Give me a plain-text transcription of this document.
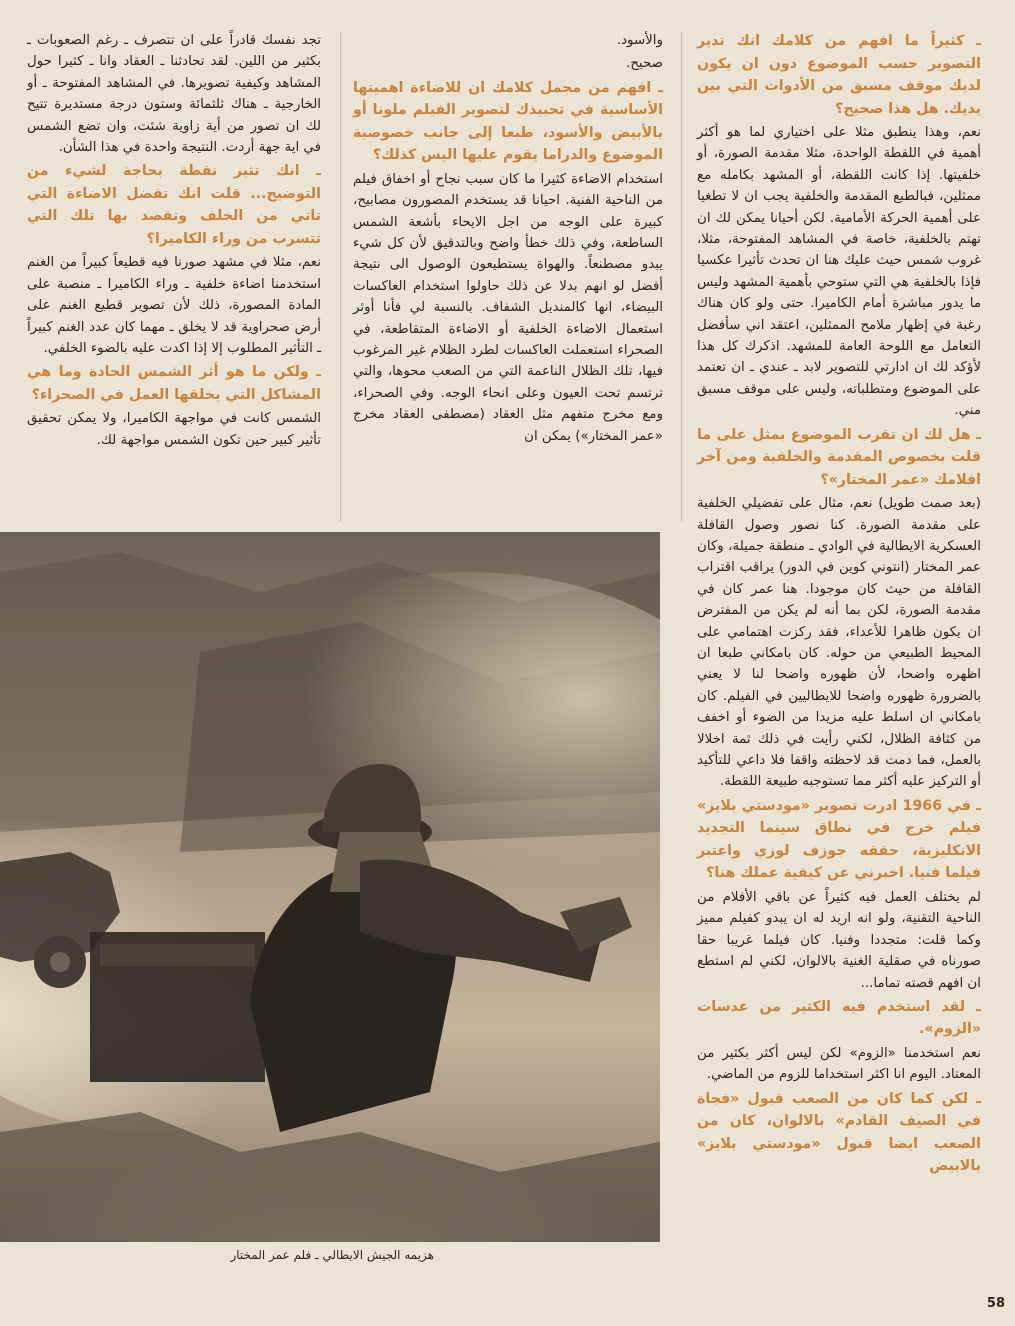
ـ كثيراً ما افهم من كلامك انك تدير التصوير حسب الموضوع دون ان يكون لديك موقف مسبق من الأدوات التي بين يديك. هل هذا صحيح؟

نعم، وهذا ينطبق مثلا على اختياري لما هو أكثر أهمية في اللقطة الواحدة، مثلا مقدمة الصورة، أو خلفيتها. إذا كانت اللقطة، أو المشهد بكامله مع ممثلين، فبالطبع المقدمة والخلفية يجب ان لا تطغيا على أهمية الحركة الأمامية. لكن أحيانا يمكن لك ان تهتم بالخلفية، خاصة في المشاهد المفتوحة، مثلا، غروب شمس حيث عليك هنا ان تحدث تأثيرا عكسيا فإذا بالخلفية هي التي ستوحي بأهمية المشهد وليس ما يدور مباشرة أمام الكاميرا. حتى ولو كان هناك رغبة في إظهار ملامح الممثلين، اعتقد اني سأفضل التعامل مع اللوحة العامة للمشهد. اذكرك كل هذا لأؤكد لك ان ادارتي للتصوير لابد ـ عندي ـ ان تعتمد على الموضوع ومتطلباته، وليس على موقف مسبق مني.

ـ هل لك ان تقرب الموضوع بمثل على ما قلت بخصوص المقدمة والخلفية ومن آخر افلامك «عمر المختار»؟

(بعد صمت طويل) نعم، مثال على تفضيلي الخلفية على مقدمة الصورة. كنا نصور وصول القافلة العسكرية الايطالية في الوادي ـ منطقة جميلة، وكان عمر المختار (انتوني كوين في الدور) يراقب اقتراب القافلة من حيث كان موجودا. هنا عمر كان في مقدمة الصورة، لكن بما أنه لم يكن من المفترض ان يكون ظاهرا للأعداء، فقد ركزت اهتمامي على المحيط الطبيعي من حوله. كان بامكاني طبعا ان اظهره واضحا، لأن ظهوره واضحا لنا لا يعني بالضرورة ظهوره واضحا للايطاليين في الفيلم. كان بامكاني ان اسلط عليه مزيدا من الضوء أو اخفف من كثافة الظلال، لكني رأيت في ذلك ثمة اخلالا بالعمل، فما دمت قد لاحظته واقفا فلا داعي للتأكيد أو التركيز عليه أكثر مما تستوجبه طبيعة اللقطة.

ـ في 1966 ادرت تصوير «مودستي بلايز» فيلم خرج في نطاق سينما التجديد الانكليزية، حققه جوزف لوزي واعتبر فيلما فنيا. اخبرني عن كيفية عملك هنا؟

لم يختلف العمل فيه كثيراً عن باقي الأفلام من الناحية التقنية، ولو انه اريد له ان يبدو كفيلم مميز وكما قلت: متجددا وفنيا. كان فيلما غريبا حقا صورناه في صقلية الغنية بالالوان، لكني لم استطع ان افهم قصته تماما...

ـ لقد استخدم فيه الكثير من عدسات «الزوم».

نعم استخدمنا «الزوم» لكن ليس أكثر بكثير من المعتاد. اليوم انا اكثر استخداما للزوم من الماضي.

ـ لكن كما كان من الصعب قبول «فجاة في الصيف القادم» بالالوان، كان من الصعب ايضا قبول «مودستي بلايز» بالابيض

والأسود.

صحيح.

ـ افهم من مجمل كلامك ان للاضاءة اهميتها الأساسية في تحبيذك لتصوير الفيلم ملونا أو بالأبيض والأسود، طبعا إلى جانب خصوصية الموضوع والدراما يقوم عليها اليس كذلك؟

استخدام الاضاءة كثيرا ما كان سبب نجاح أو اخفاق فيلم من الناحية الفنية. احيانا قد يستخدم المصورون مصابيح، كبيرة على الوجه من اجل الايحاء بأشعة الشمس الساطعة، وفي ذلك خطأ واضح وبالتدقيق لأن كل شيء يبدو مصطنعاً. والهواة يستطيعون الوصول الى نتيجة أفضل لو انهم بدلا عن ذلك حاولوا استخدام العاكسات البيضاء، انها كالمنديل الشفاف. بالنسبة لي فأنا أوثر استعمال الاضاءة الخلفية أو الاضاءة المتقاطعة، في الصحراء استعملت العاكسات لطرد الظلام غير المرغوب فيها، تلك الظلال الناعمة التي من الصعب محوها، والتي ترتسم تحت العيون وعلى انحاء الوجه. وفي الصحراء، ومع مخرج متفهم مثل العقاد (مصطفى العقاد مخرج «عمر المختار») يمكن ان

تجد نفسك قادراً على ان تتصرف ـ رغم الصعوبات ـ بكثير من اللين. لقد تحادثنا ـ العقاد وانا ـ كثيرا حول المشاهد وكيفية تصويرها. في المشاهد المفتوحة ـ أو الخارجية ـ هناك ثلثمائة وستون درجة مستديرة تتيح لك ان تصور من أية زاوية شئت، وان تضع الشمس في اية جهة أردت. النتيجة واحدة في هذا الشأن.

ـ انك تثير نقطة بحاجة لشيء من التوضيح... قلت انك تفضل الاضاءة التي تاتي من الخلف وتقصد بها تلك التي تتسرب من وراء الكاميرا؟

نعم، مثلا في مشهد صورنا فيه قطيعاً كبيراً من الغنم استخدمنا اضاءة خلفية ـ وراء الكاميرا ـ منصبة على المادة المصورة، ذلك لأن تصوير قطيع الغنم على أرض صحراوية قد لا يخلق ـ مهما كان عدد الغنم كبيراً ـ التأثير المطلوب إلا إذا اكدت عليه بالضوء الخلفي.

ـ ولكن ما هو أثر الشمس الحادة وما هي المشاكل التي يخلقها العمل في الصحراء؟

الشمس كانت في مواجهة الكاميرا، ولا يمكن تحقيق تأثير كبير حين تكون الشمس مواجهة لك.

هزيمه الجيش الايطالي ـ فلم عمر المختار
58
